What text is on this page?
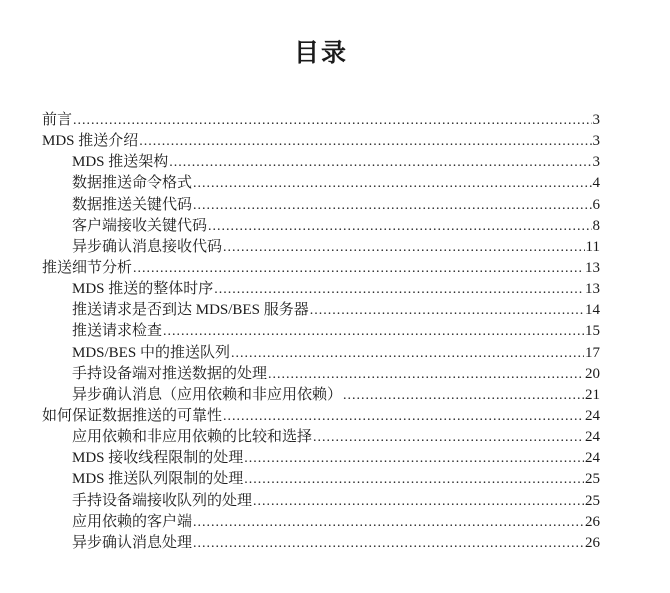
目录
前言 .....	3
MDS 推送介绍 .....	3
MDS 推送架构 .....	3
数据推送命令格式 .....	4
数据推送关键代码 .....	6
客户端接收关键代码 .....	8
异步确认消息接收代码 .....	11
推送细节分析 .....	13
MDS 推送的整体时序 .....	13
推送请求是否到达 MDS/BES 服务器 .....	14
推送请求检查 .....	15
MDS/BES 中的推送队列 .....	17
手持设备端对推送数据的处理 .....	20
异步确认消息（应用依赖和非应用依赖） .....	21
如何保证数据推送的可靠性 .....	24
应用依赖和非应用依赖的比较和选择 .....	24
MDS 接收线程限制的处理 .....	24
MDS 推送队列限制的处理 .....	25
手持设备端接收队列的处理 .....	25
应用依赖的客户端 .....	26
异步确认消息处理 .....	26
